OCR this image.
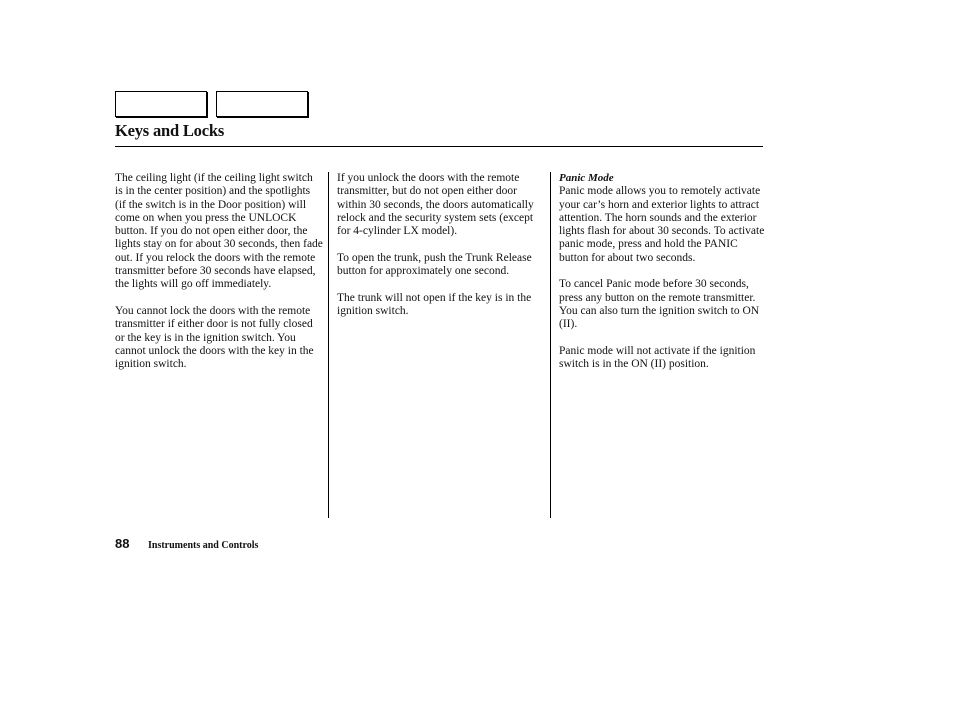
Keys and Locks

The ceiling light (if the ceiling light switch is in the center position) and the spotlights (if the switch is in the Door position) will come on when you press the UNLOCK button. If you do not open either door, the lights stay on for about 30 seconds, then fade out. If you relock the doors with the remote transmitter before 30 seconds have elapsed, the lights will go off immediately.

You cannot lock the doors with the remote transmitter if either door is not fully closed or the key is in the ignition switch. You cannot unlock the doors with the key in the ignition switch.

If you unlock the doors with the remote transmitter, but do not open either door within 30 seconds, the doors automatically relock and the security system sets (except for 4-cylinder LX model).

To open the trunk, push the Trunk Release button for approximately one second.

The trunk will not open if the key is in the ignition switch.

Panic Mode

Panic mode allows you to remotely activate your car’s horn and exterior lights to attract attention. The horn sounds and the exterior lights flash for about 30 seconds. To activate panic mode, press and hold the PANIC button for about two seconds.

To cancel Panic mode before 30 seconds, press any button on the remote transmitter. You can also turn the ignition switch to ON (II).

Panic mode will not activate if the ignition switch is in the ON (II) position.

88 Instruments and Controls
